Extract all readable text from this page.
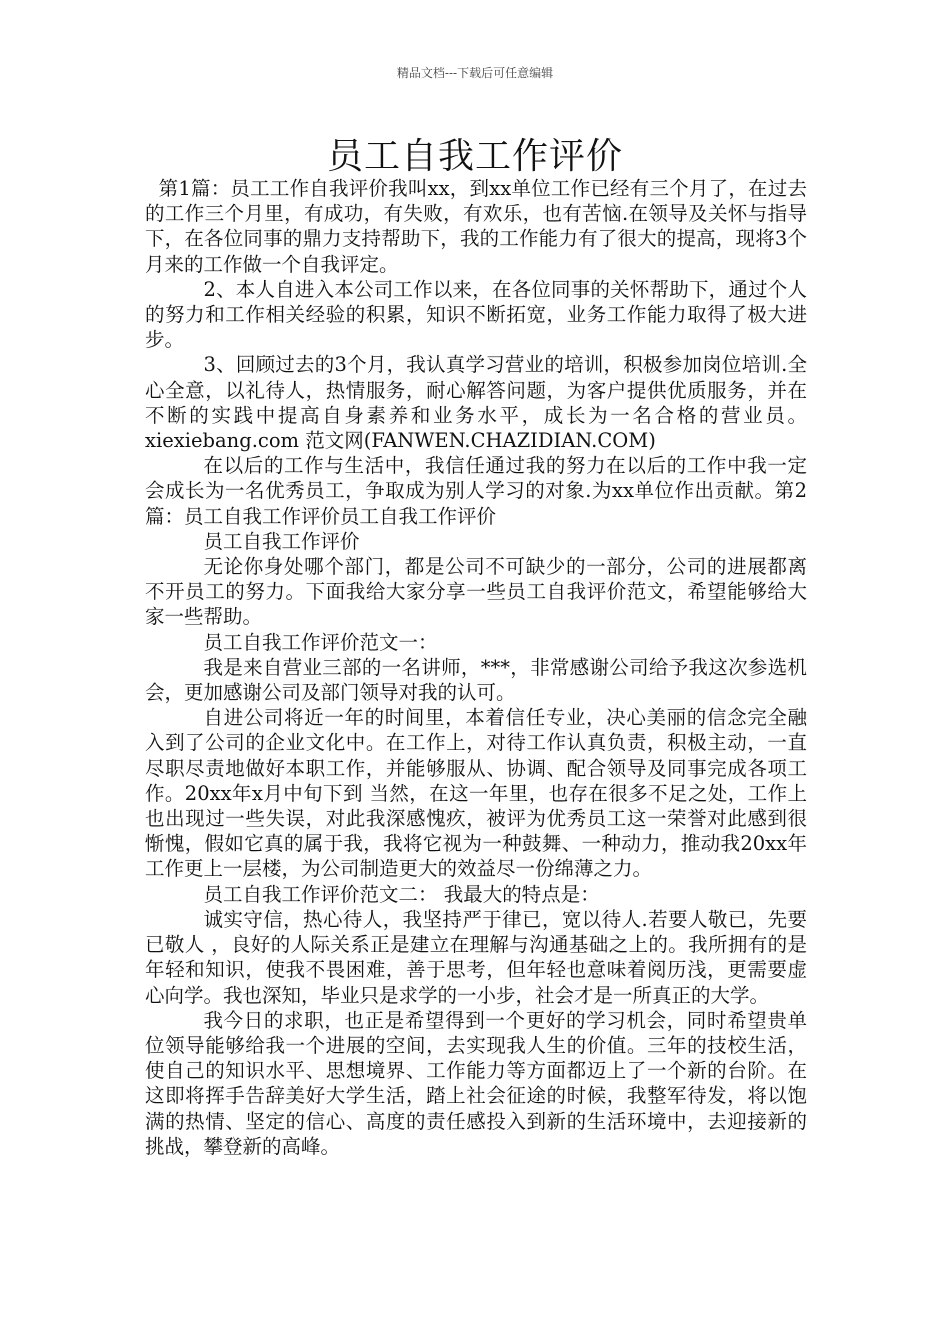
精品文档---下载后可任意编辑
员工自我工作评价

第1篇：员工工作自我评价我叫xx，到xx单位工作已经有三个月了，在过去的工作三个月里，有成功，有失败，有欢乐，也有苦恼.在领导及关怀与指导下，在各位同事的鼎力支持帮助下，我的工作能力有了很大的提高，现将3个月来的工作做一个自我评定。

2、本人自进入本公司工作以来，在各位同事的关怀帮助下，通过个人的努力和工作相关经验的积累，知识不断拓宽，业务工作能力取得了极大进步。

3、回顾过去的3个月，我认真学习营业的培训，积极参加岗位培训.全心全意，以礼待人，热情服务，耐心解答问题，为客户提供优质服务，并在不断的实践中提高自身素养和业务水平，成长为一名合格的营业员。 xiexiebang.com 范文网(FANWEN.CHAZIDIAN.COM)

在以后的工作与生活中，我信任通过我的努力在以后的工作中我一定会成长为一名优秀员工，争取成为别人学习的对象.为xx单位作出贡献。第2篇：员工自我工作评价员工自我工作评价

员工自我工作评价

无论你身处哪个部门，都是公司不可缺少的一部分，公司的进展都离不开员工的努力。下面我给大家分享一些员工自我评价范文，希望能够给大家一些帮助。

员工自我工作评价范文一：

我是来自营业三部的一名讲师，***，非常感谢公司给予我这次参选机会，更加感谢公司及部门领导对我的认可。

自进公司将近一年的时间里，本着信任专业，决心美丽的信念完全融入到了公司的企业文化中。在工作上，对待工作认真负责，积极主动，一直尽职尽责地做好本职工作，并能够服从、协调、配合领导及同事完成各项工作。20xx年x月中旬下到 当然，在这一年里，也存在很多不足之处，工作上也出现过一些失误，对此我深感愧疚，被评为优秀员工这一荣誉对此感到很惭愧，假如它真的属于我，我将它视为一种鼓舞、一种动力，推动我20xx年工作更上一层楼，为公司制造更大的效益尽一份绵薄之力。

员工自我工作评价范文二： 我最大的特点是：

诚实守信，热心待人，我坚持严于律已，宽以待人.若要人敬已，先要已敬人 ，良好的人际关系正是建立在理解与沟通基础之上的。我所拥有的是年轻和知识，使我不畏困难，善于思考，但年轻也意味着阅历浅，更需要虚心向学。我也深知，毕业只是求学的一小步，社会才是一所真正的大学。

我今日的求职，也正是希望得到一个更好的学习机会，同时希望贵单位领导能够给我一个进展的空间，去实现我人生的价值。三年的技校生活，使自己的知识水平、思想境界、工作能力等方面都迈上了一个新的台阶。在这即将挥手告辞美好大学生活，踏上社会征途的时候，我整军待发，将以饱满的热情、坚定的信心、高度的责任感投入到新的生活环境中，去迎接新的挑战，攀登新的高峰。
